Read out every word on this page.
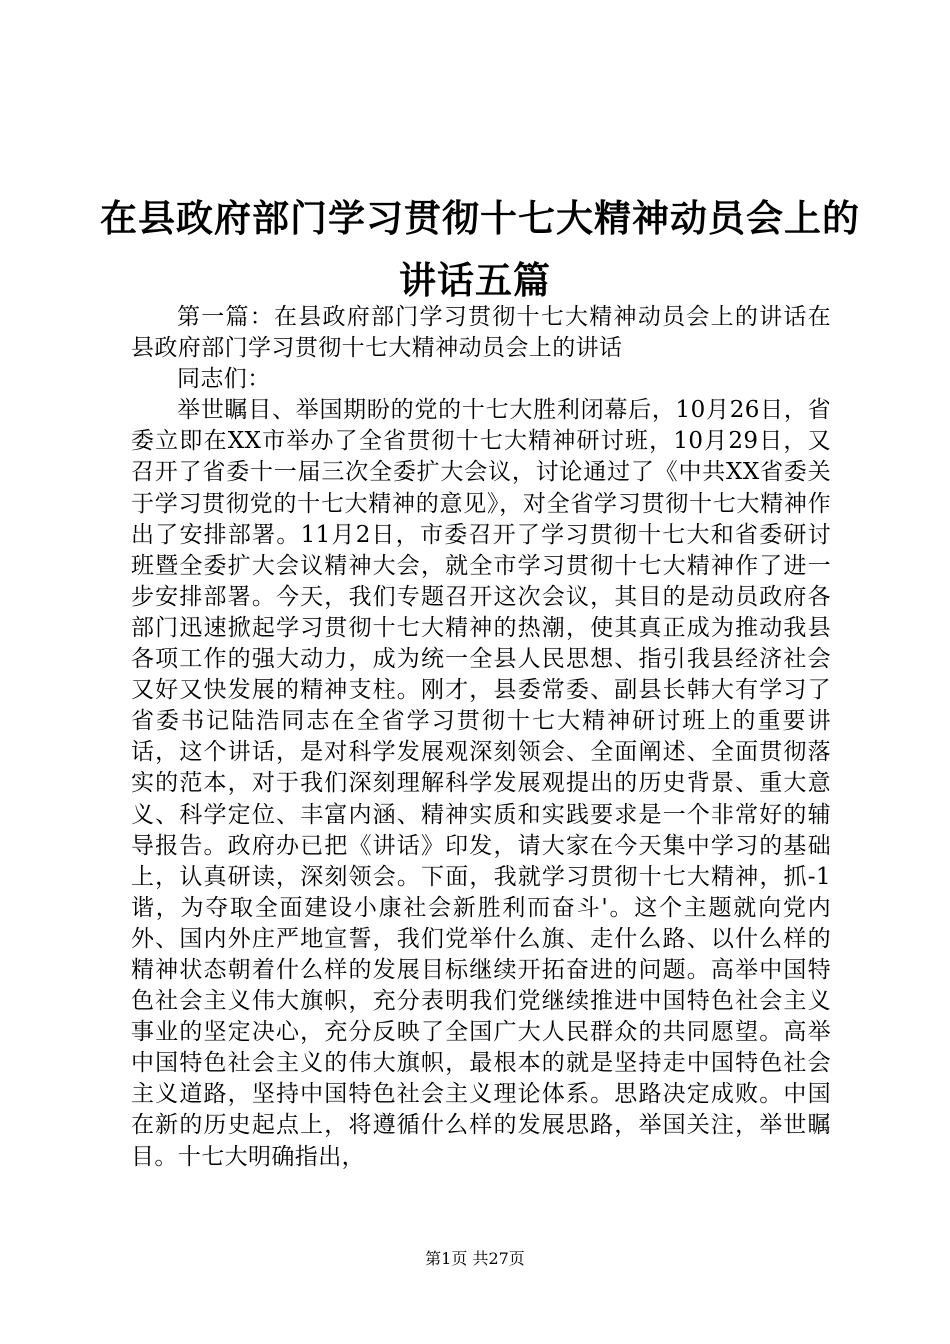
在县政府部门学习贯彻十七大精神动员会上的
讲话五篇

第一篇：在县政府部门学习贯彻十七大精神动员会上的讲话在县政府部门学习贯彻十七大精神动员会上的讲话

同志们：

举世瞩目、举国期盼的党的十七大胜利闭幕后，10月26日，省委立即在XX市举办了全省贯彻十七大精神研讨班，10月29日，又召开了省委十一届三次全委扩大会议，讨论通过了《中共XX省委关于学习贯彻党的十七大精神的意见》，对全省学习贯彻十七大精神作出了安排部署。11月2日，市委召开了学习贯彻十七大和省委研讨班暨全委扩大会议精神大会，就全市学习贯彻十七大精神作了进一步安排部署。今天，我们专题召开这次会议，其目的是动员政府各部门迅速掀起学习贯彻十七大精神的热潮，使其真正成为推动我县各项工作的强大动力，成为统一全县人民思想、指引我县经济社会又好又快发展的精神支柱。刚才，县委常委、副县长韩大有学习了省委书记陆浩同志在全省学习贯彻十七大精神研讨班上的重要讲话，这个讲话，是对科学发展观深刻领会、全面阐述、全面贯彻落实的范本，对于我们深刻理解科学发展观提出的历史背景、重大意义、科学定位、丰富内涵、精神实质和实践要求是一个非常好的辅导报告。政府办已把《讲话》印发，请大家在今天集中学习的基础上，认真研读，深刻领会。下面，我就学习贯彻十七大精神，抓-1谐，为夺取全面建设小康社会新胜利而奋斗'。这个主题就向党内外、国内外庄严地宣誓，我们党举什么旗、走什么路、以什么样的精神状态朝着什么样的发展目标继续开拓奋进的问题。高举中国特色社会主义伟大旗帜，充分表明我们党继续推进中国特色社会主义事业的坚定决心，充分反映了全国广大人民群众的共同愿望。高举中国特色社会主义的伟大旗帜，最根本的就是坚持走中国特色社会主义道路，坚持中国特色社会主义理论体系。思路决定成败。中国在新的历史起点上，将遵循什么样的发展思路，举国关注，举世瞩目。十七大明确指出，

第1页 共27页
